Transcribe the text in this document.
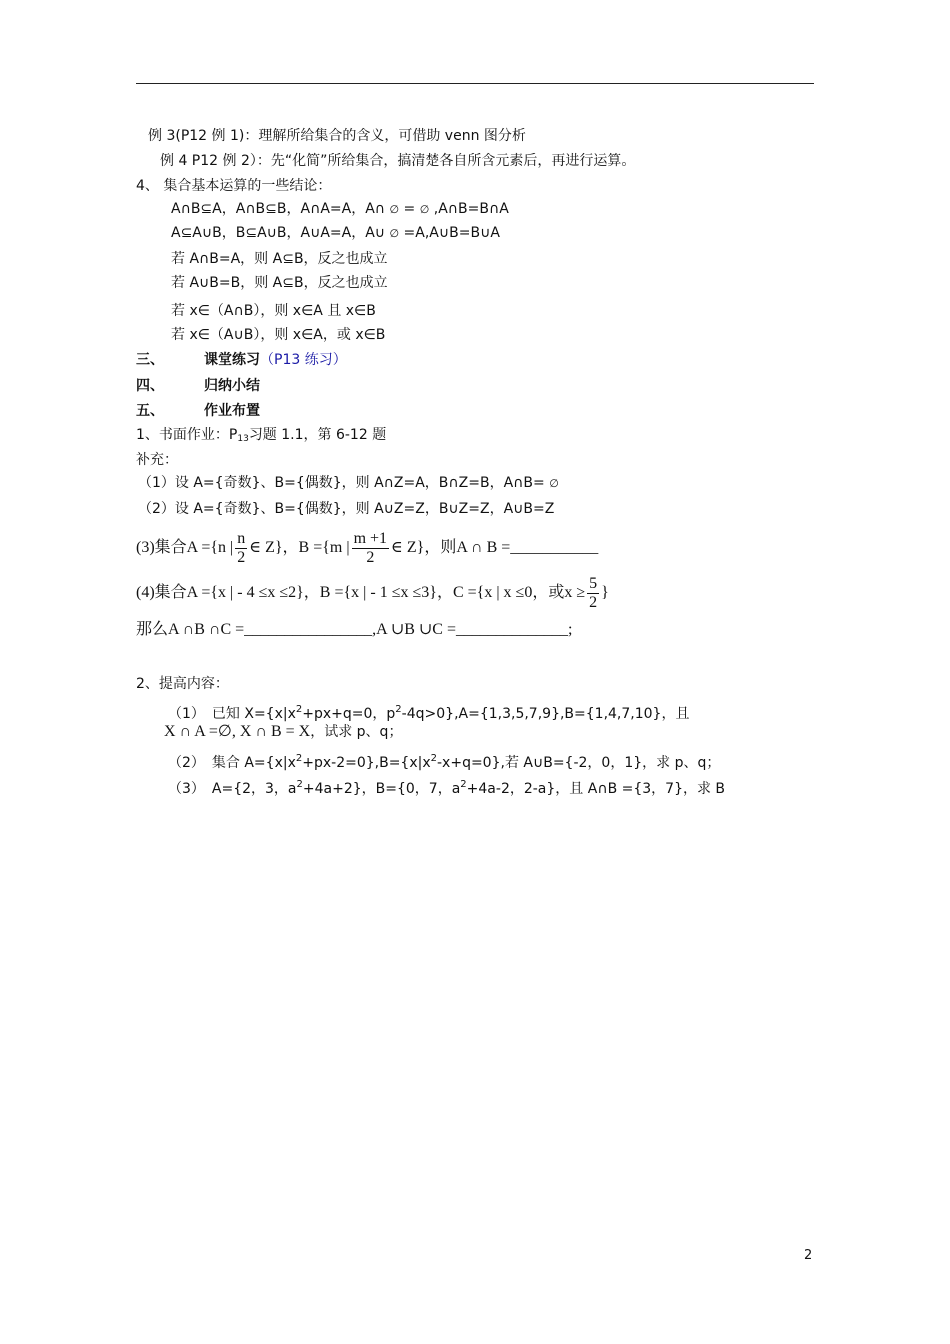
例 3(P12 例 1)：理解所给集合的含义，可借助 venn 图分析
例 4 P12 例 2）：先“化简”所给集合，搞清楚各自所含元素后，再进行运算。
4、 集合基本运算的一些结论：
A∩B⊆A，A∩B⊆B，A∩A=A，A∩ ∅ = ∅ ,A∩B=B∩A
A⊆A∪B，B⊆A∪B，A∪A=A，A∪ ∅ =A,A∪B=B∪A
若 A∩B=A，则 A⊆B，反之也成立
若 A∪B=B，则 A⊆B，反之也成立
若 x∈（A∩B），则 x∈A 且 x∈B
若 x∈（A∪B），则 x∈A，或 x∈B
三、	课堂练习（P13 练习）
四、	归纳小结
五、	作业布置
1、书面作业：$P_{13}$习题 1.1，第 6-12 题
补充：
（1）设 A={奇数}、B={偶数}，则 A∩Z=A，B∩Z=B，A∩B= ∅
（2）设 A={奇数}、B={偶数}，则 A∪Z=Z，B∪Z=Z，A∪B=Z
(3)集合A ={n | $\frac{n}{2}$ ∈ Z}，B ={m | $\frac{m +1}{2}$ ∈ Z}，则A ∩ B =___________
(4)集合A ={x | - 4 ≤x ≤2}，B ={x | - 1 ≤x ≤3}，C ={x | x ≤0，或$x \ge \frac{5}{2}$ }
那么A ∩B ∩C =________________,A ∪B ∪C =______________;
2、提高内容：
（1）　已知 $X=\{x|x^2+px+q=0$，$p^2-4q>0\},A=\{1,3,5,7,9\},B=\{1,4,7,10\}$，且
X ∩ A =∅, X ∩ B = X，试求 p、q；
（2）　集合 $A=\{x|x^2+px-2=0\},B=\{x|x^2-x+q=0\}$,若 A∪B={-2，0，1}，求 p、q；
（3）　A={2，3，$a^2+4a+2$}，B={0，7，$a^2+4a-2$，2-a}，且 A∩B ={3，7}，求 B
2
